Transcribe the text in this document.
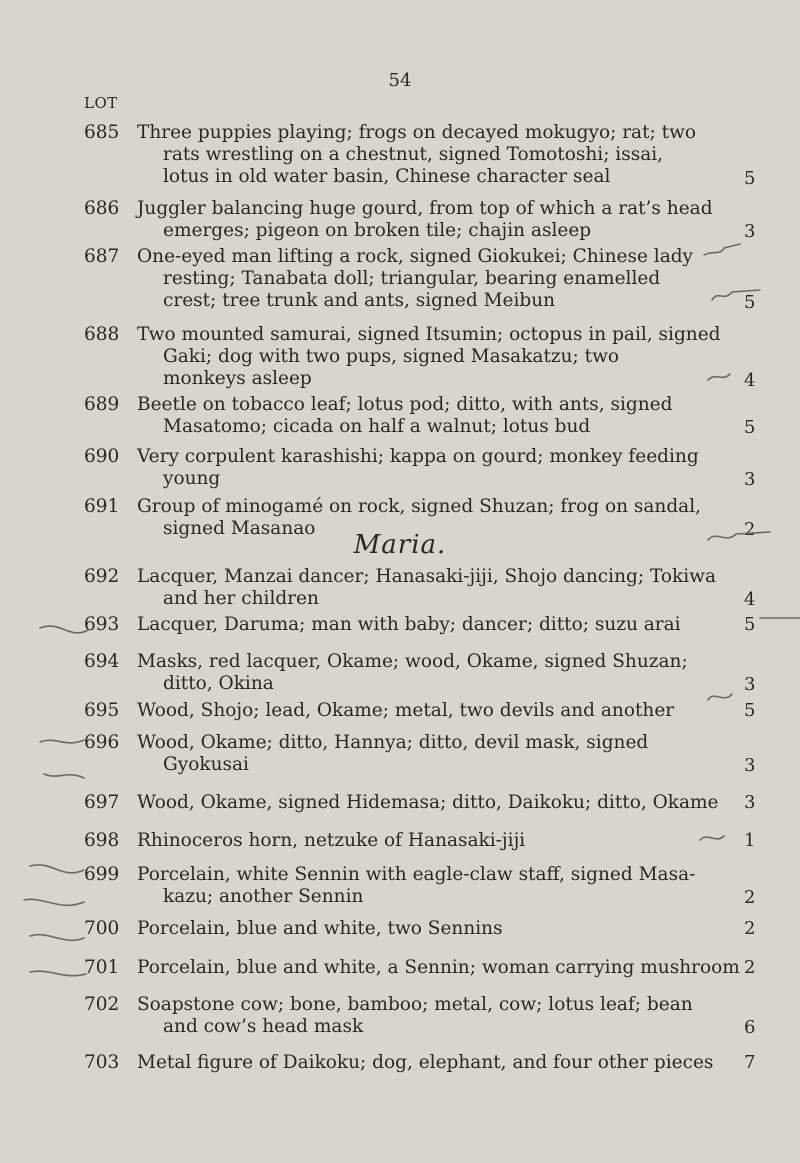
54
LOT
Maria.
685 Three puppies playing; frogs on decayed mokugyo; rat; two
rats wrestling on a chestnut, signed Tomotoshi; issai,
lotus in old water basin, Chinese character seal	5
686 Juggler balancing huge gourd, from top of which a rat’s head
emerges; pigeon on broken tile; chajin asleep	3
687 One-eyed man lifting a rock, signed Giokukei; Chinese lady
resting; Tanabata doll; triangular, bearing enamelled
crest; tree trunk and ants, signed Meibun	5
688 Two mounted samurai, signed Itsumin; octopus in pail, signed
Gaki; dog with two pups, signed Masakatzu; two
monkeys asleep	4
689 Beetle on tobacco leaf; lotus pod; ditto, with ants, signed
Masatomo; cicada on half a walnut; lotus bud	5
690 Very corpulent karashishi; kappa on gourd; monkey feeding
young	3
691 Group of minogamé on rock, signed Shuzan; frog on sandal,
signed Masanao	2
692 Lacquer, Manzai dancer; Hanasaki-jiji, Shojo dancing; Tokiwa
and her children	4
693 Lacquer, Daruma; man with baby; dancer; ditto; suzu arai	5
694 Masks, red lacquer, Okame; wood, Okame, signed Shuzan;
ditto, Okina	3
695 Wood, Shojo; lead, Okame; metal, two devils and another	5
696 Wood, Okame; ditto, Hannya; ditto, devil mask, signed
Gyokusai	3
697 Wood, Okame, signed Hidemasa; ditto, Daikoku; ditto, Okame	3
698 Rhinoceros horn, netzuke of Hanasaki-jiji	1
699 Porcelain, white Sennin with eagle-claw staff, signed Masa-
kazu; another Sennin	2
700 Porcelain, blue and white, two Sennins	2
701 Porcelain, blue and white, a Sennin; woman carrying mushroom 2
702 Soapstone cow; bone, bamboo; metal, cow; lotus leaf; bean
and cow’s head mask	6
703 Metal figure of Daikoku; dog, elephant, and four other pieces	7
